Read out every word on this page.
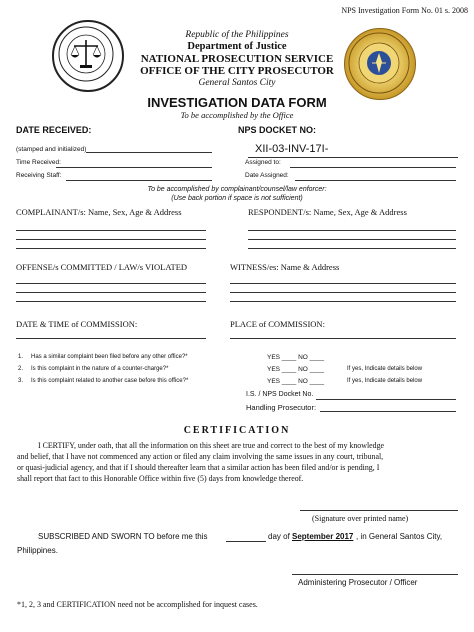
NPS Investigation Form No. 01 s. 2008
Republic of the Philippines
Department of Justice
NATIONAL PROSECUTION SERVICE
OFFICE OF THE CITY PROSECUTOR
General Santos City
INVESTIGATION DATA FORM
To be accomplished by the Office
DATE RECEIVED:	NPS DOCKET NO:
(stamped and initialized)	XII-03-INV-17I-
Time Received:	Assigned to:
Receiving Staff:	Date Assigned:
To be accomplished by complainant/counsel/law enforcer:
(Use back portion if space is not sufficient)
COMPLAINANT/s: Name, Sex, Age & Address	RESPONDENT/s: Name, Sex, Age & Address
OFFENSE/s COMMITTED / LAW/s VIOLATED	WITNESS/es: Name & Address
DATE & TIME of COMMISSION:	PLACE of COMMISSION:
1. Has a similar complaint been filed before any other office?*	YES ____ NO ____
2. Is this complaint in the nature of a counter-charge?*	YES ____ NO ____	If yes, Indicate details below
3. Is this complaint related to another case before this office?*	YES ____ NO ____	If yes, Indicate details below
I.S. / NPS Docket No.
Handling Prosecutor:
CERTIFICATION
I CERTIFY, under oath, that all the information on this sheet are true and correct to the best of my knowledge
and belief, that I have not commenced any action or filed any claim involving the same issues in any court, tribunal,
or quasi-judicial agency, and that if I should thereafter learn that a similar action has been filed and/or is pending, I
shall report that fact to this Honorable Office within five (5) days from knowledge thereof.
(Signature over printed name)
SUBSCRIBED AND SWORN TO before me this	day of September 2017 , in General Santos City,
Philippines.
Administering Prosecutor / Officer
*1, 2, 3 and CERTIFICATION need not be accomplished for inquest cases.
